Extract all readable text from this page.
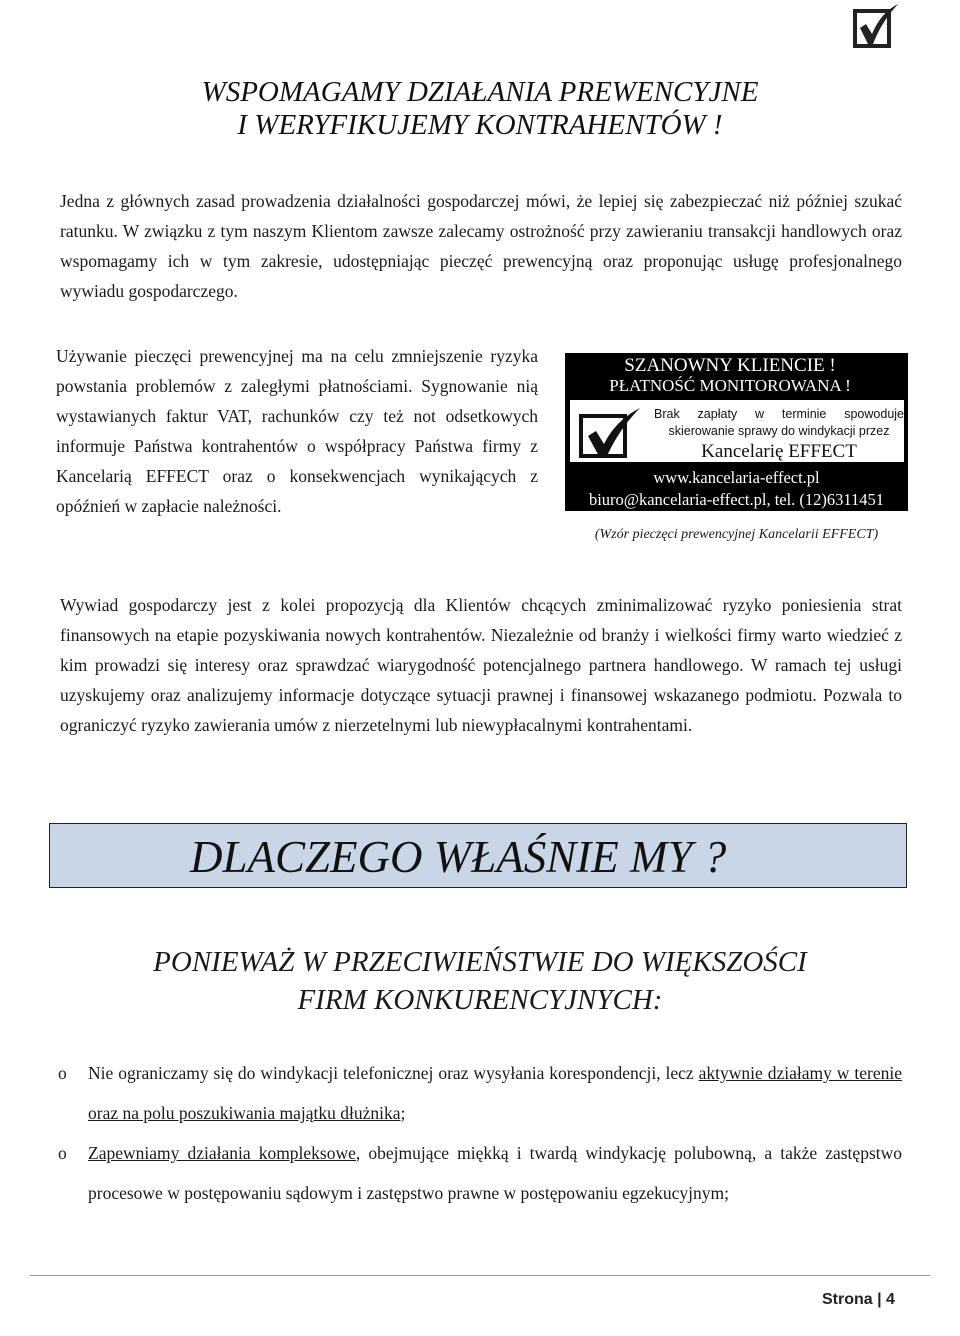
WSPOMAGAMY DZIAŁANIA PREWENCYJNE
I WERYFIKUJEMY KONTRAHENTÓW !
Jedna z głównych zasad prowadzenia działalności gospodarczej mówi, że lepiej się zabezpieczać niż później szukać ratunku. W związku z tym naszym Klientom zawsze zalecamy ostrożność przy zawieraniu transakcji handlowych oraz wspomagamy ich w tym zakresie, udostępniając pieczęć prewencyjną oraz proponując usługę profesjonalnego wywiadu gospodarczego.
Używanie pieczęci prewencyjnej ma na celu zmniejszenie ryzyka powstania problemów z zaległymi płatnościami. Sygnowanie nią wystawianych faktur VAT, rachunków czy też not odsetkowych informuje Państwa kontrahentów o współpracy Państwa firmy z Kancelarią EFFECT oraz o konsekwencjach wynikających z opóźnień w zapłacie należności.
SZANOWNY KLIENCIE !
PŁATNOŚĆ MONITOROWANA !
Brak zapłaty w terminie spowoduje
skierowanie sprawy do windykacji przez
Kancelarię EFFECT
www.kancelaria-effect.pl
biuro@kancelaria-effect.pl, tel. (12)6311451
(Wzór pieczęci prewencyjnej Kancelarii EFFECT)
Wywiad gospodarczy jest z kolei propozycją dla Klientów chcących zminimalizować ryzyko poniesienia strat finansowych na etapie pozyskiwania nowych kontrahentów. Niezależnie od branży i wielkości firmy warto wiedzieć z kim prowadzi się interesy oraz sprawdzać wiarygodność potencjalnego partnera handlowego. W ramach tej usługi uzyskujemy oraz analizujemy informacje dotyczące sytuacji prawnej i finansowej wskazanego podmiotu. Pozwala to ograniczyć ryzyko zawierania umów z nierzetelnymi lub niewypłacalnymi kontrahentami.
DLACZEGO WŁAŚNIE MY ?
PONIEWAŻ W PRZECIWIEŃSTWIE DO WIĘKSZOŚCI
FIRM KONKURENCYJNYCH:
o Nie ograniczamy się do windykacji telefonicznej oraz wysyłania korespondencji, lecz aktywnie działamy w terenie oraz na polu poszukiwania majątku dłużnika;
o Zapewniamy działania kompleksowe, obejmujące miękką i twardą windykację polubowną, a także zastępstwo procesowe w postępowaniu sądowym i zastępstwo prawne w postępowaniu egzekucyjnym;
Strona | 4
